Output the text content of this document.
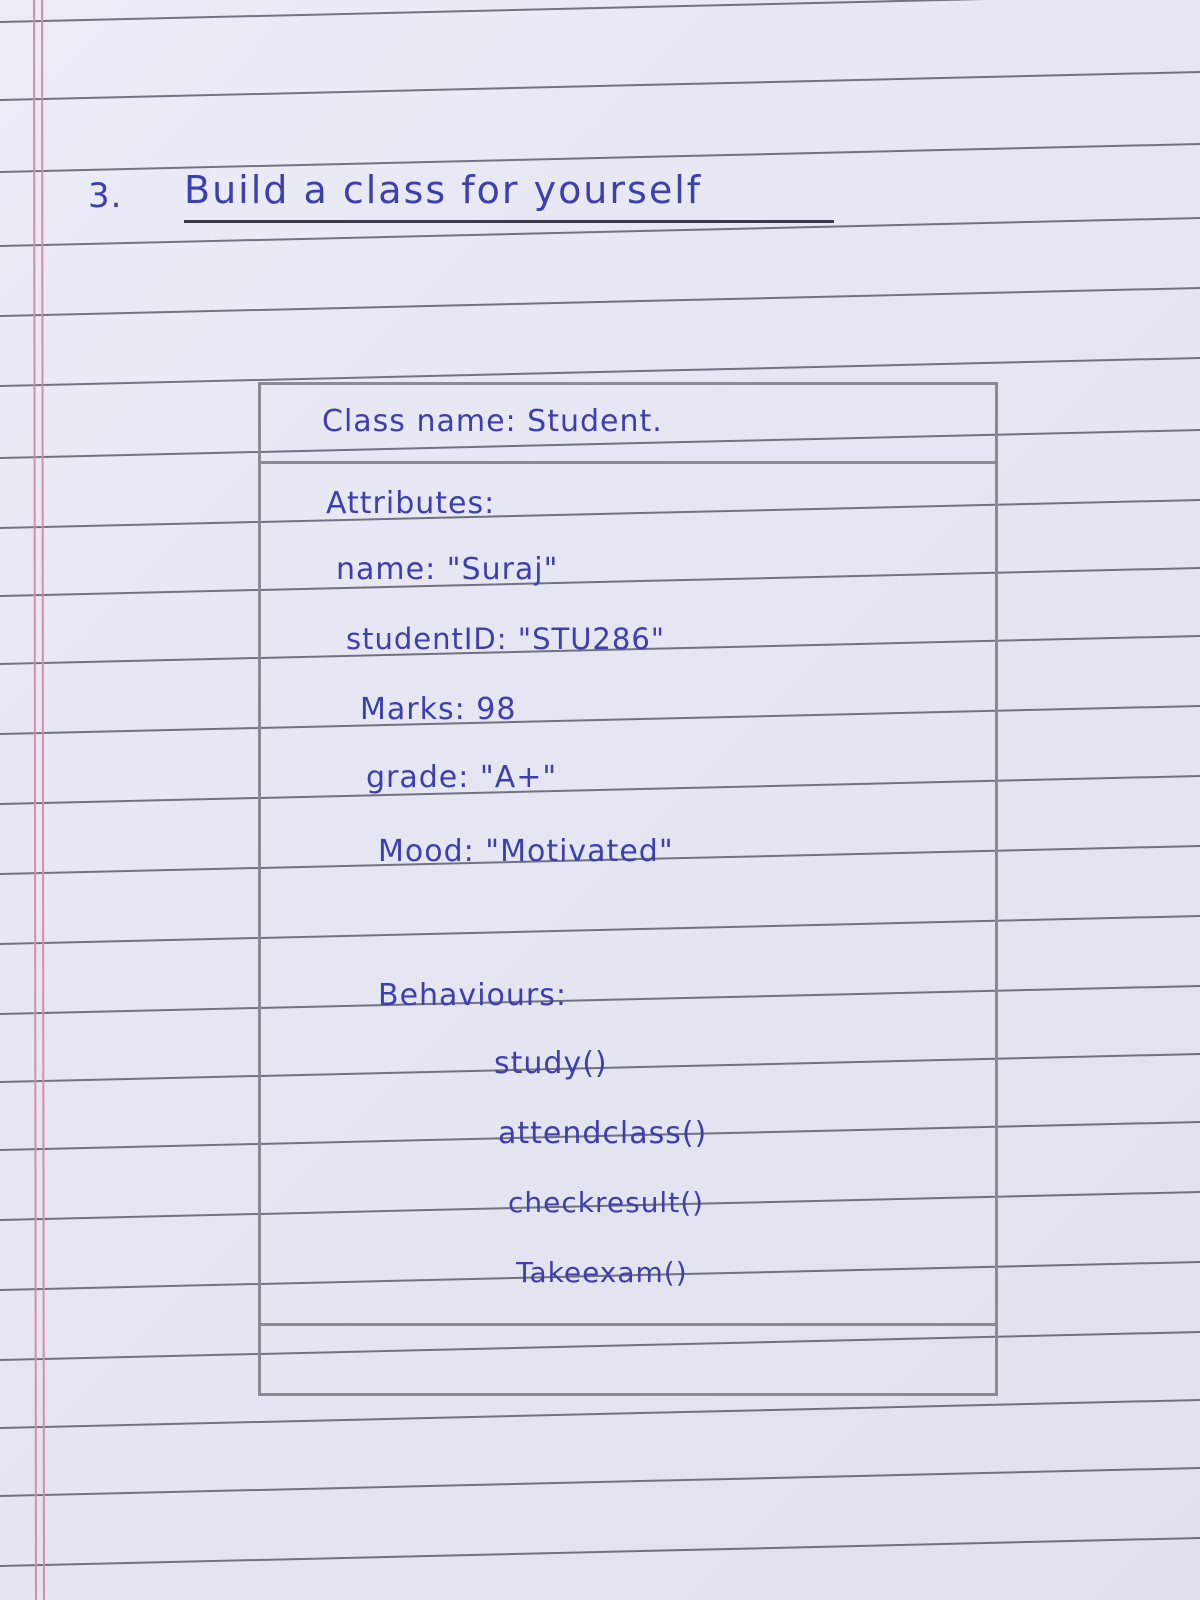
3. Build a class for yourself
Class name: Student.
Attributes:
name: "Suraj"
studentID: "STU286"
Marks: 98
grade: "A+"
Mood: "Motivated"
Behaviours:
study()
attendclass()
checkresult()
Takeexam()
